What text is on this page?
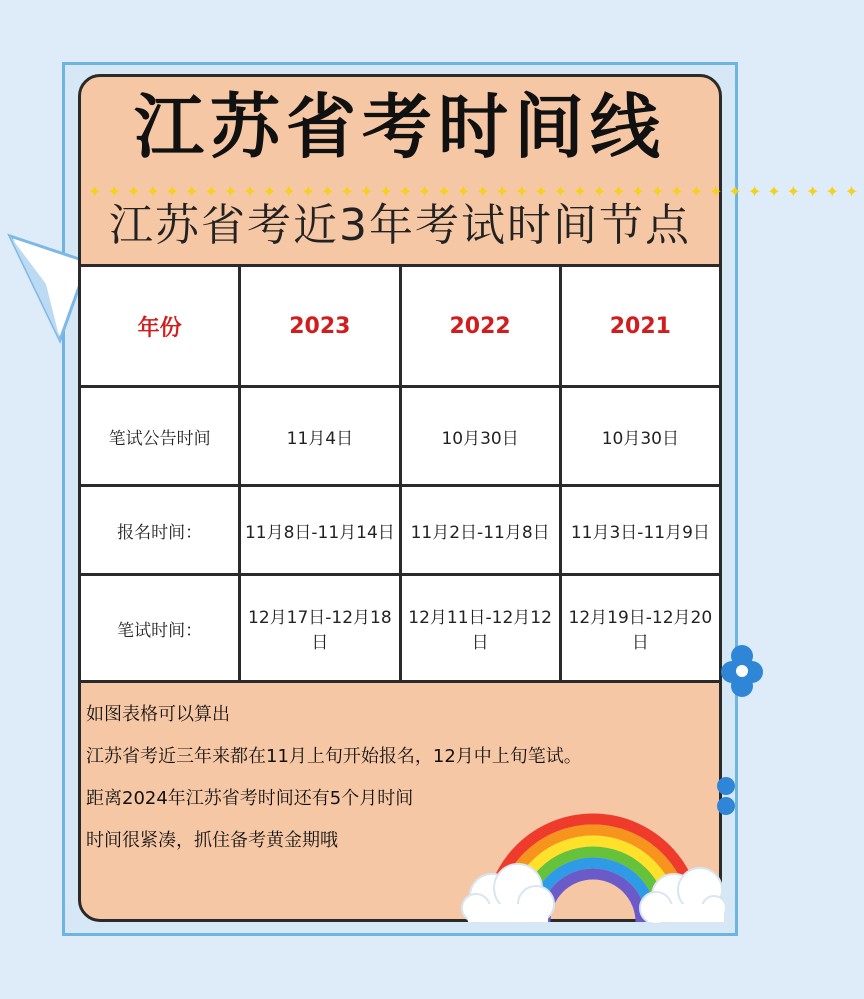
江苏省考时间线
✦✦✦✦✦✦✦✦✦✦✦✦✦✦✦✦✦✦✦✦✦✦✦✦✦✦✦✦✦✦✦✦✦✦✦✦✦✦✦✦
江苏省考近3年考试时间节点
年份	2023	2022	2021
笔试公告时间	11月4日	10月30日	10月30日
报名时间：	11月8日-11月14日	11月2日-11月8日	11月3日-11月9日
笔试时间：	12月17日-12月18日	12月11日-12月12日	12月19日-12月20日
如图表格可以算出
江苏省考近三年来都在11月上旬开始报名，12月中上旬笔试。
距离2024年江苏省考时间还有5个月时间
时间很紧凑，抓住备考黄金期哦
